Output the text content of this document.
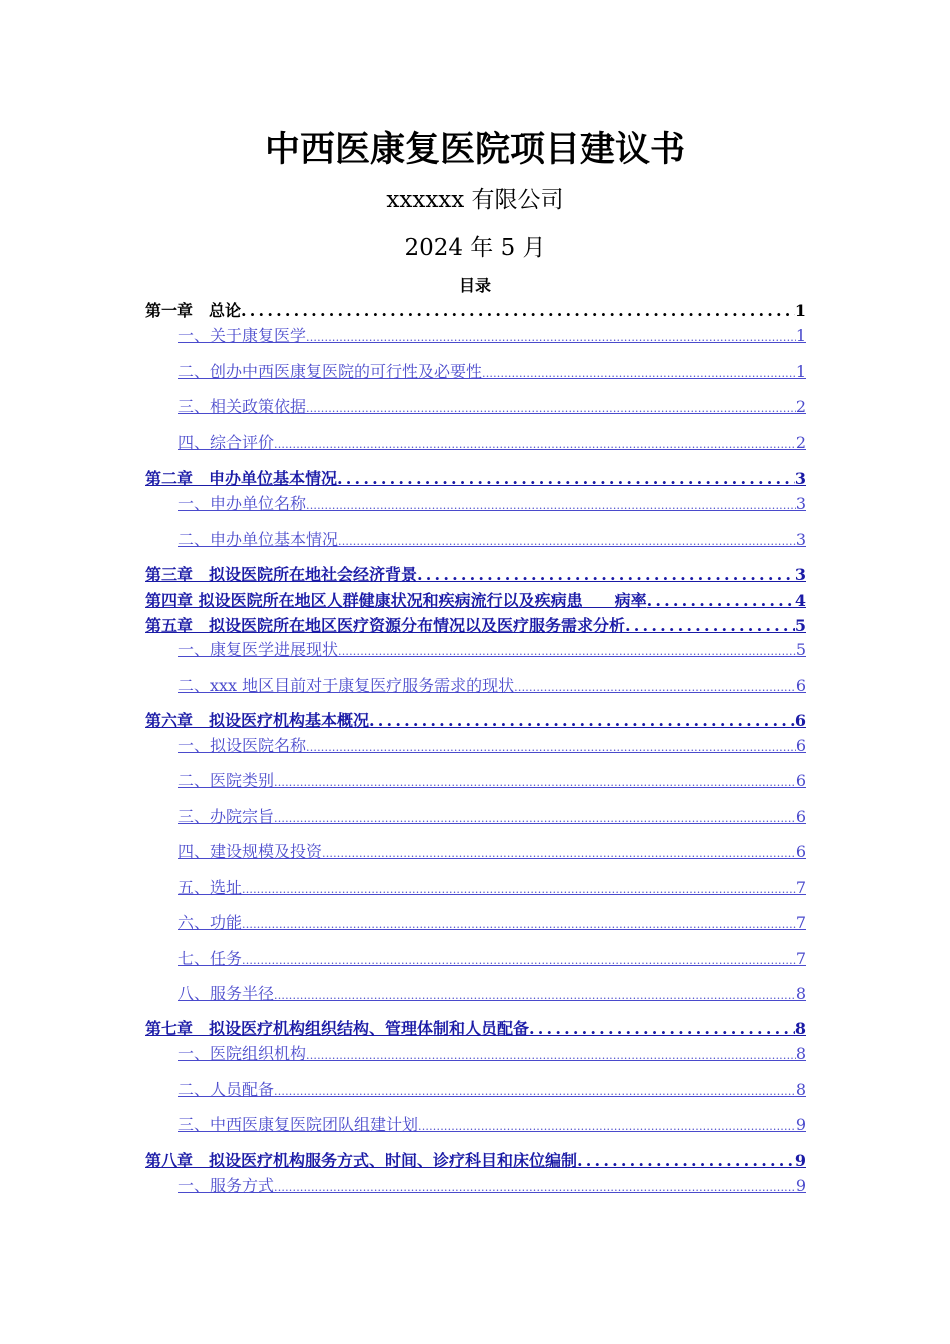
中西医康复医院项目建议书
xxxxxx 有限公司
2024 年 5 月
目录
第一章　总论 .....	1
一、关于康复医学 .....	1
二、创办中西医康复医院的可行性及必要性 .....	1
三、相关政策依据 .....	2
四、综合评价 .....	2
第二章　申办单位基本情况 .....	3
一、申办单位名称 .....	3
二、申办单位基本情况 .....	3
第三章　拟设医院所在地社会经济背景 .....	3
第四章 拟设医院所在地区人群健康状况和疾病流行以及疾病患　　病率 .....	4
第五章　拟设医院所在地区医疗资源分布情况以及医疗服务需求分析 .....	5
一、康复医学进展现状 .....	5
二、xxx 地区目前对于康复医疗服务需求的现状 .....	6
第六章　拟设医疗机构基本概况 .....	6
一、拟设医院名称 .....	6
二、医院类别 .....	6
三、办院宗旨 .....	6
四、建设规模及投资 .....	6
五、选址 .....	7
六、功能 .....	7
七、任务 .....	7
八、服务半径 .....	8
第七章　拟设医疗机构组织结构、管理体制和人员配备 .....	8
一、医院组织机构 .....	8
二、人员配备 .....	8
三、中西医康复医院团队组建计划 .....	9
第八章　拟设医疗机构服务方式、时间、诊疗科目和床位编制 .....	9
一、服务方式 .....	9
